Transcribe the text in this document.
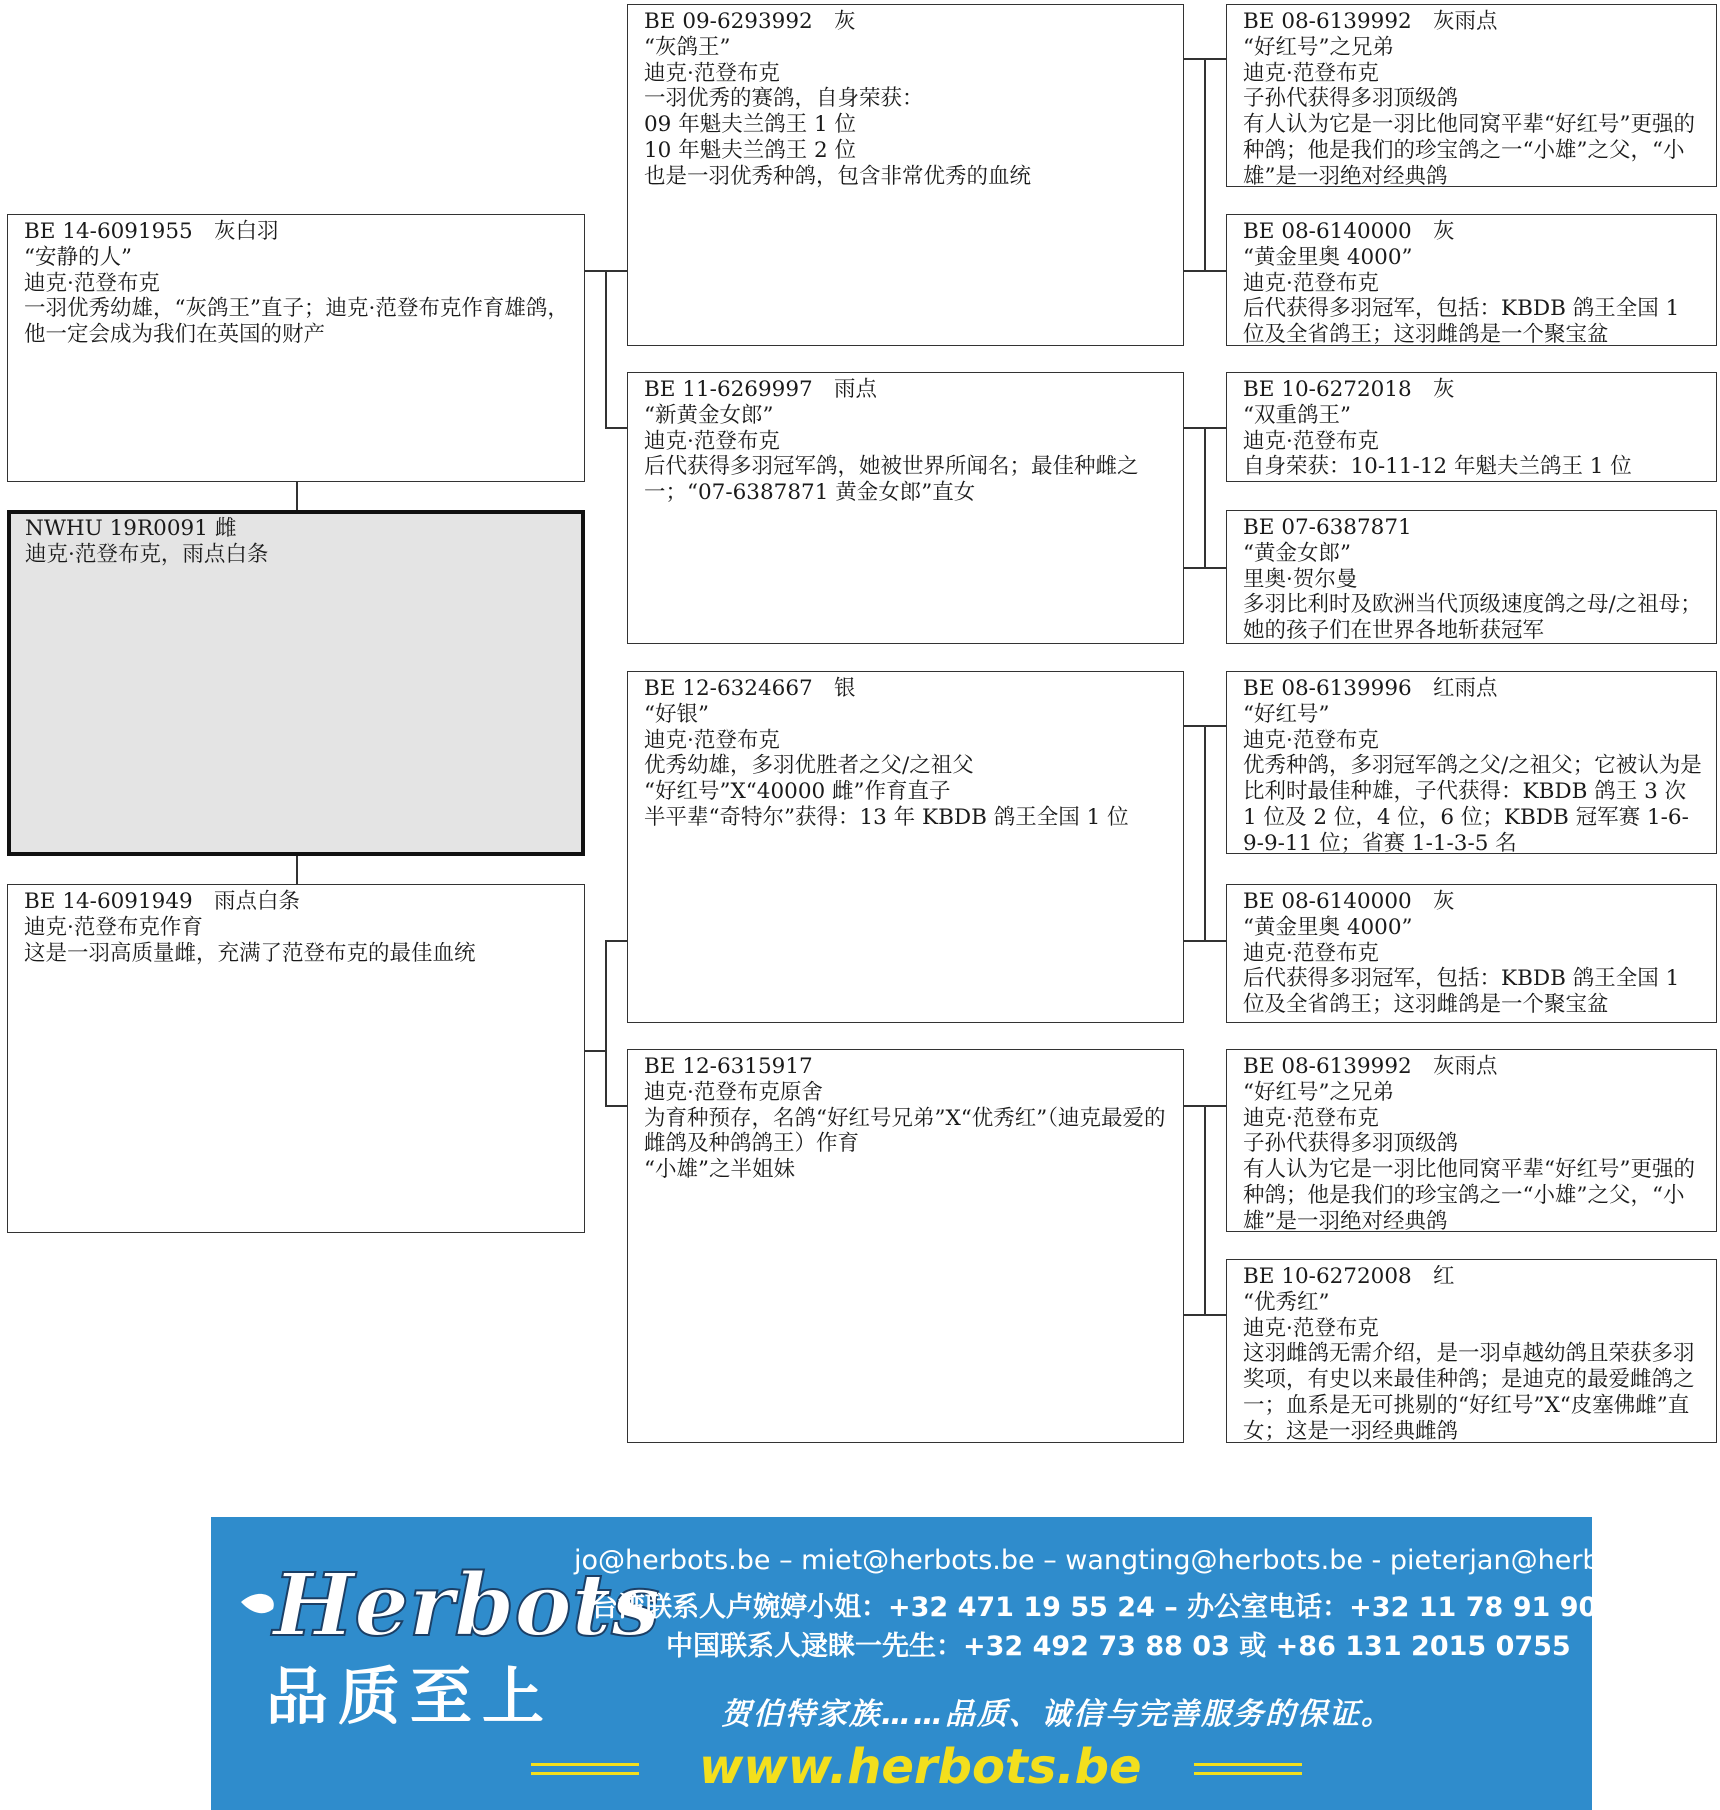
BE 14-6091955 灰白羽
“安静的人”
迪克·范登布克
一羽优秀幼雄，“灰鸽王”直子；迪克·范登布克作育雄鸽，他一定会成为我们在英国的财产
NWHU 19R0091 雌
迪克·范登布克，雨点白条
BE 14-6091949 雨点白条
迪克·范登布克作育
这是一羽高质量雌，充满了范登布克的最佳血统
BE 09-6293992 灰
“灰鸽王”
迪克·范登布克
一羽优秀的赛鸽，自身荣获：
09 年魁夫兰鸽王 1 位
10 年魁夫兰鸽王 2 位
也是一羽优秀种鸽，包含非常优秀的血统
BE 11-6269997 雨点
“新黄金女郎”
迪克·范登布克
后代获得多羽冠军鸽，她被世界所闻名；最佳种雌之一；“07-6387871 黄金女郎”直女
BE 12-6324667 银
“好银”
迪克·范登布克
优秀幼雄，多羽优胜者之父/之祖父
“好红号”X“40000 雌”作育直子
半平辈“奇特尔”获得：13 年 KBDB 鸽王全国 1 位
BE 12-6315917
迪克·范登布克原舍
为育种预存，名鸽“好红号兄弟”X“优秀红”（迪克最爱的雌鸽及种鸽鸽王）作育
“小雄”之半姐妹
BE 08-6139992 灰雨点
“好红号”之兄弟
迪克·范登布克
子孙代获得多羽顶级鸽
有人认为它是一羽比他同窝平辈“好红号”更强的种鸽；他是我们的珍宝鸽之一“小雄”之父，“小雄”是一羽绝对经典鸽
BE 08-6140000 灰
“黄金里奥 4000”
迪克·范登布克
后代获得多羽冠军，包括：KBDB 鸽王全国 1 位及全省鸽王；这羽雌鸽是一个聚宝盆
BE 10-6272018 灰
“双重鸽王”
迪克·范登布克
自身荣获：10-11-12 年魁夫兰鸽王 1 位
BE 07-6387871
“黄金女郎”
里奥·贺尔曼
多羽比利时及欧洲当代顶级速度鸽之母/之祖母；她的孩子们在世界各地斩获冠军
BE 08-6139996 红雨点
“好红号”
迪克·范登布克
优秀种鸽，多羽冠军鸽之父/之祖父；它被认为是比利时最佳种雄，子代获得：KBDB 鸽王 3 次 1 位及 2 位，4 位，6 位；KBDB 冠军赛 1-6-9-9-11 位；省赛 1-1-3-5 名
BE 08-6140000 灰
“黄金里奥 4000”
迪克·范登布克
后代获得多羽冠军，包括：KBDB 鸽王全国 1 位及全省鸽王；这羽雌鸽是一个聚宝盆
BE 08-6139992 灰雨点
“好红号”之兄弟
迪克·范登布克
子孙代获得多羽顶级鸽
有人认为它是一羽比他同窝平辈“好红号”更强的种鸽；他是我们的珍宝鸽之一“小雄”之父，“小雄”是一羽绝对经典鸽
BE 10-6272008 红
“优秀红”
迪克·范登布克
这羽雌鸽无需介绍，是一羽卓越幼鸽且荣获多羽奖项，有史以来最佳种鸽；是迪克的最爱雌鸽之一；血系是无可挑剔的“好红号”X“皮塞佛雌”直女；这是一羽经典雌鸽
Herbots
品质至上
jo@herbots.be – miet@herbots.be – wangting@herbots.be - pieterjan@herbots.be
台湾联系人卢婉婷小姐：+32 471 19 55 24 – 办公室电话：+32 11 78 91 90
中国联系人逯睐一先生：+32 492 73 88 03 或 +86 131 2015 0755
贺伯特家族……品质、诚信与完善服务的保证。
www.herbots.be
